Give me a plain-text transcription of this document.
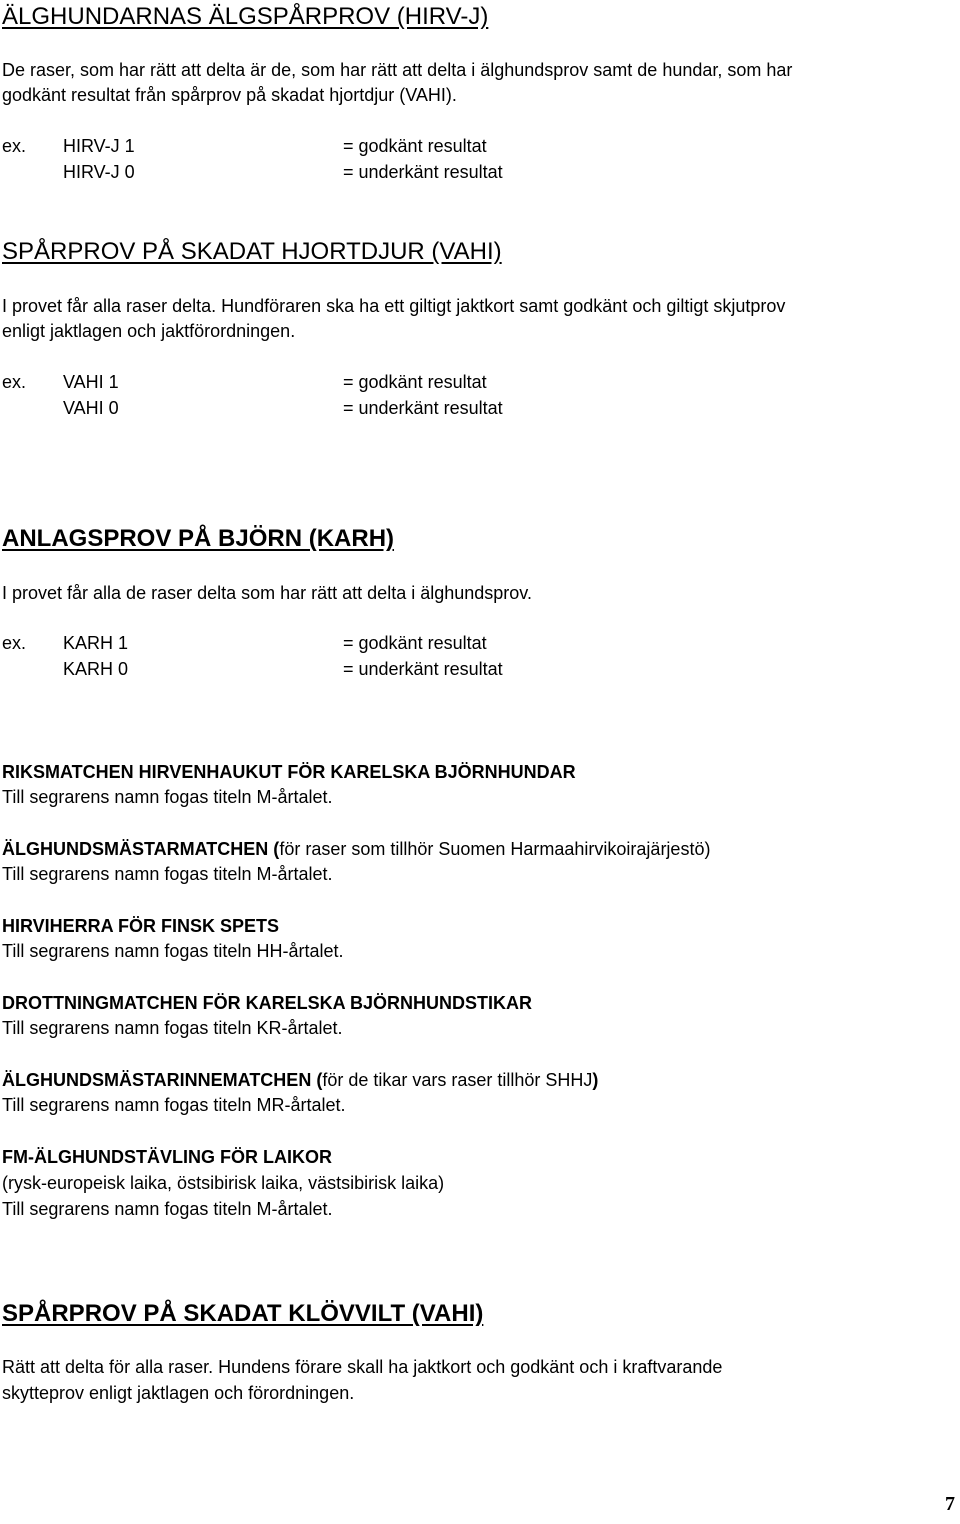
ÄLGHUNDARNAS ÄLGSPÅRPROV (HIRV-J)
De raser, som har rätt att delta är de, som har rätt att delta i älghundsprov samt de hundar, som har
godkänt resultat från spårprov på skadat hjortdjur (VAHI).
ex. HIRV-J 1	= godkänt resultat
HIRV-J 0	= underkänt resultat
SPÅRPROV PÅ SKADAT HJORTDJUR (VAHI)
I provet får alla raser delta. Hundföraren ska ha ett giltigt jaktkort samt godkänt och giltigt skjutprov
enligt jaktlagen och jaktförordningen.
ex. VAHI 1	= godkänt resultat
VAHI 0	= underkänt resultat
ANLAGSPROV PÅ BJÖRN (KARH)
I provet får alla de raser delta som har rätt att delta i älghundsprov.
ex. KARH 1	= godkänt resultat
KARH 0	= underkänt resultat
RIKSMATCHEN HIRVENHAUKUT FÖR KARELSKA BJÖRNHUNDAR
Till segrarens namn fogas titeln M-årtalet.
ÄLGHUNDSMÄSTARMATCHEN (för raser som tillhör Suomen Harmaahirvikoirajärjestö)
Till segrarens namn fogas titeln M-årtalet.
HIRVIHERRA FÖR FINSK SPETS
Till segrarens namn fogas titeln HH-årtalet.
DROTTNINGMATCHEN FÖR KARELSKA BJÖRNHUNDSTIKAR
Till segrarens namn fogas titeln KR-årtalet.
ÄLGHUNDSMÄSTARINNEMATCHEN (för de tikar vars raser tillhör SHHJ)
Till segrarens namn fogas titeln MR-årtalet.
FM-ÄLGHUNDSTÄVLING FÖR LAIKOR
(rysk-europeisk laika, östsibirisk laika, västsibirisk laika)
Till segrarens namn fogas titeln M-årtalet.
SPÅRPROV PÅ SKADAT KLÖVVILT (VAHI)
Rätt att delta för alla raser. Hundens förare skall ha jaktkort och godkänt och i kraftvarande
skytteprov enligt jaktlagen och förordningen.
7
